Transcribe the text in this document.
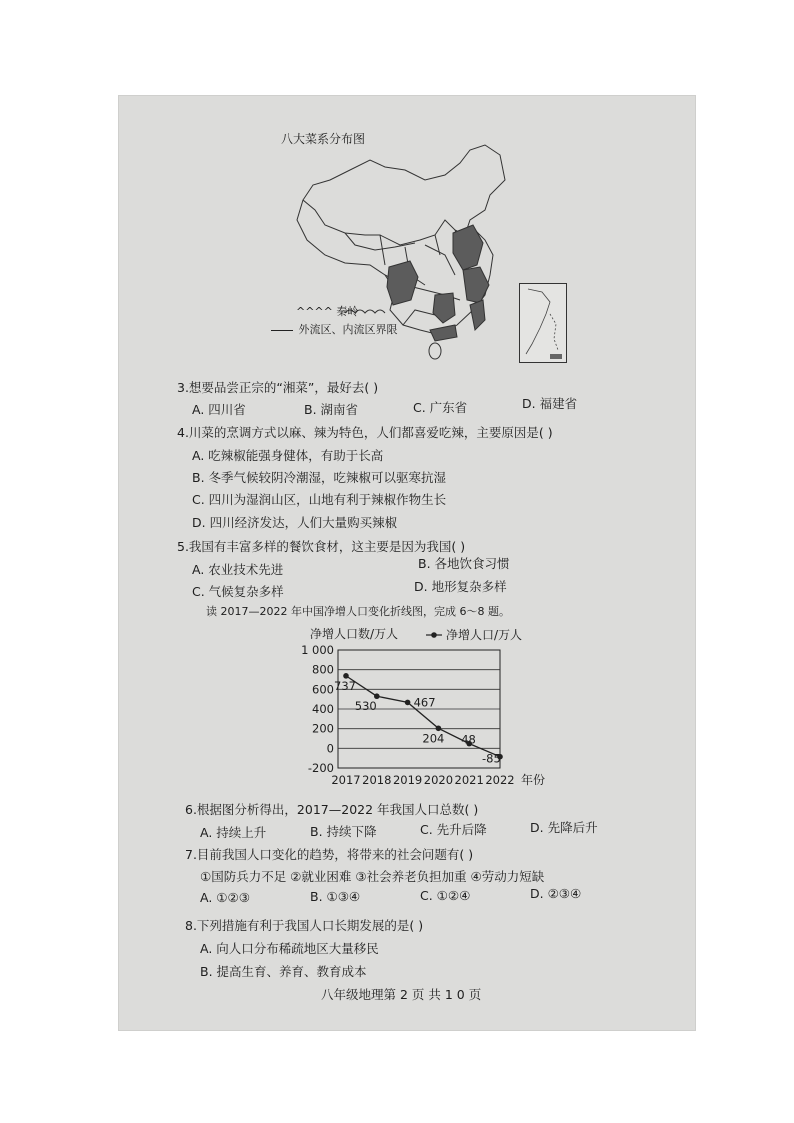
八大菜系分布图
^^^^ 秦岭
外流区、内流区界限
3.想要品尝正宗的“湘菜”，最好去( )
A. 四川省	B. 湖南省	C. 广东省	D. 福建省
4.川菜的烹调方式以麻、辣为特色，人们都喜爱吃辣，主要原因是( )
A. 吃辣椒能强身健体，有助于长高
B. 冬季气候较阴冷潮湿，吃辣椒可以驱寒抗湿
C. 四川为湿润山区，山地有利于辣椒作物生长
D. 四川经济发达，人们大量购买辣椒
5.我国有丰富多样的餐饮食材，这主要是因为我国( )
A. 农业技术先进	B. 各地饮食习惯
C. 气候复杂多样	D. 地形复杂多样
读 2017—2022 年中国净增人口变化折线图，完成 6～8 题。
净增人口数/万人	净增人口/万人
1 000
800
600
400
200
0
-200
2017 2018 2019 2020 2021 2022
737
530	467
204 48
-85
年份
6.根据图分析得出，2017—2022 年我国人口总数( )
A. 持续上升	B. 持续下降	C. 先升后降	D. 先降后升
7.目前我国人口变化的趋势，将带来的社会问题有( )
①国防兵力不足 ②就业困难 ③社会养老负担加重 ④劳动力短缺
A. ①②③	B. ①③④	C. ①②④	D. ②③④
8.下列措施有利于我国人口长期发展的是( )
A. 向人口分布稀疏地区大量移民
B. 提高生育、养育、教育成本
八年级地理第 2 页 共 1 0 页
